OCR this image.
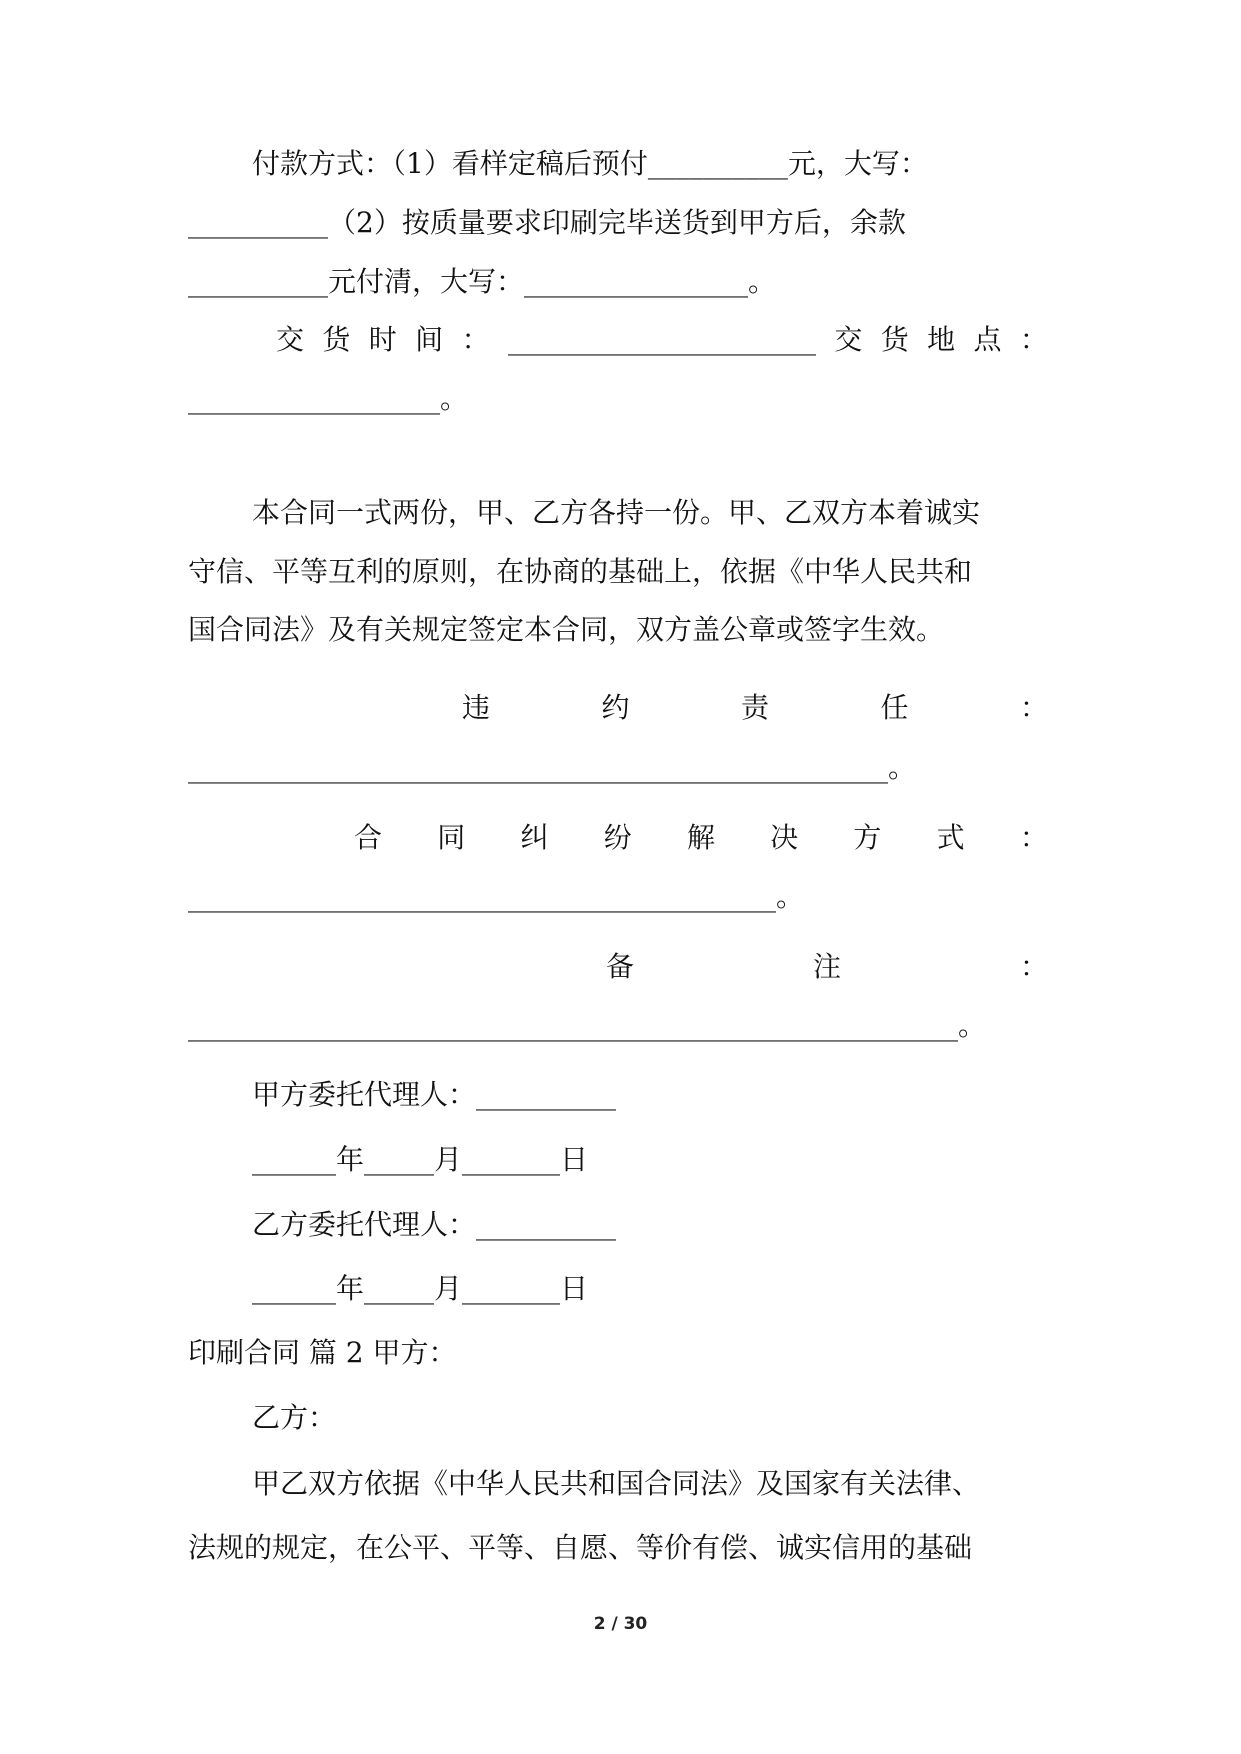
付款方式：（1）看样定稿后预付__________元，大写：
__________（2）按质量要求印刷完毕送货到甲方后，余款
__________元付清，大写：________________。
交 货 时 间 ： ______________________ 交 货 地 点 ：
__________________。
本合同一式两份，甲、乙方各持一份。甲、乙双方本着诚实
守信、平等互利的原则，在协商的基础上，依据《中华人民共和
国合同法》及有关规定签定本合同，双方盖公章或签字生效。
违	约	责	任	：
__________________________________________________。
合 同 纠 纷 解 决 方 式 ：
__________________________________________。
备	注	：
_______________________________________________________。
甲方委托代理人：__________
______年_____月_______日
乙方委托代理人：__________
______年_____月_______日
印刷合同 篇 2 甲方：
乙方：
甲乙双方依据《中华人民共和国合同法》及国家有关法律、
法规的规定，在公平、平等、自愿、等价有偿、诚实信用的基础
2 / 30
